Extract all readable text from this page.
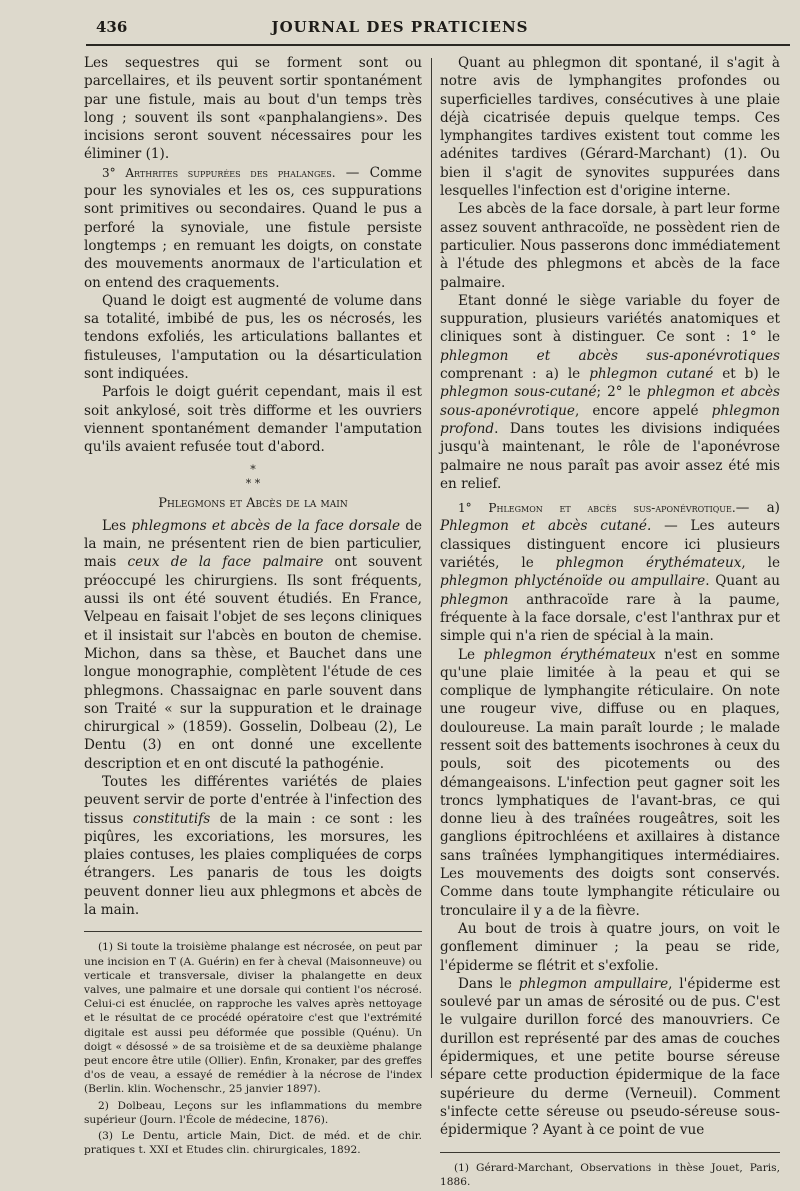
436	JOURNAL DES PRATICIENS

Les sequestres qui se forment sont ou parcellaires, et ils peuvent sortir spontanément par une fistule, mais au bout d'un temps très long ; souvent ils sont «panphalangiens». Des incisions seront souvent nécessaires pour les éliminer (1).

3° Arthrites suppurées des phalanges. — Comme pour les synoviales et les os, ces suppurations sont primitives ou secondaires. Quand le pus a perforé la synoviale, une fistule persiste longtemps ; en remuant les doigts, on constate des mouvements anormaux de l'articulation et on entend des craquements.

Quand le doigt est augmenté de volume dans sa totalité, imbibé de pus, les os nécrosés, les tendons exfoliés, les articulations ballantes et fistuleuses, l'amputation ou la désarticulation sont indiquées.

Parfois le doigt guérit cependant, mais il est soit ankylosé, soit très difforme et les ouvriers viennent spontanément demander l'amputation qu'ils avaient refusée tout d'abord.

*
* *
Phlegmons et Abcès de la main

Les phlegmons et abcès de la face dorsale de la main, ne présentent rien de bien particulier, mais ceux de la face palmaire ont souvent préoccupé les chirurgiens. Ils sont fréquents, aussi ils ont été souvent étudiés. En France, Velpeau en faisait l'objet de ses leçons cliniques et il insistait sur l'abcès en bouton de chemise. Michon, dans sa thèse, et Bauchet dans une longue monographie, complètent l'étude de ces phlegmons. Chassaignac en parle souvent dans son Traité « sur la suppuration et le drainage chirurgical » (1859). Gosselin, Dolbeau (2), Le Dentu (3) en ont donné une excellente description et en ont discuté la pathogénie.

Toutes les différentes variétés de plaies peuvent servir de porte d'entrée à l'infection des tissus constitutifs de la main : ce sont : les piqûres, les excoriations, les morsures, les plaies contuses, les plaies compliquées de corps étrangers. Les panaris de tous les doigts peuvent donner lieu aux phlegmons et abcès de la main.

(1) Si toute la troisième phalange est nécrosée, on peut par une incision en T (A. Guérin) en fer à cheval (Maisonneuve) ou verticale et transversale, diviser la phalangette en deux valves, une palmaire et une dorsale qui contient l'os nécrosé. Celui-ci est énuclée, on rapproche les valves après nettoyage et le résultat de ce procédé opératoire c'est que l'extrémité digitale est aussi peu déformée que possible (Quénu). Un doigt « désossé » de sa troisième et de sa deuxième phalange peut encore être utile (Ollier). Enfin, Kronaker, par des greffes d'os de veau, a essayé de remédier à la nécrose de l'index (Berlin. klin. Wochenschr., 25 janvier 1897).

2) Dolbeau, Leçons sur les inflammations du membre supérieur (Journ. l'École de médecine, 1876).

(3) Le Dentu, article Main, Dict. de méd. et de chir. pratiques t. XXI et Etudes clin. chirurgicales, 1892.

Quant au phlegmon dit spontané, il s'agit à notre avis de lymphangites profondes ou superficielles tardives, consécutives à une plaie déjà cicatrisée depuis quelque temps. Ces lymphangites tardives existent tout comme les adénites tardives (Gérard-Marchant) (1). Ou bien il s'agit de synovites suppurées dans lesquelles l'infection est d'origine interne.

Les abcès de la face dorsale, à part leur forme assez souvent anthracoïde, ne possèdent rien de particulier. Nous passerons donc immédiatement à l'étude des phlegmons et abcès de la face palmaire.

Etant donné le siège variable du foyer de suppuration, plusieurs variétés anatomiques et cliniques sont à distinguer. Ce sont : 1° le phlegmon et abcès sus-aponévrotiques comprenant : a) le phlegmon cutané et b) le phlegmon sous-cutané; 2° le phlegmon et abcès sous-aponévrotique, encore appelé phlegmon profond. Dans toutes les divisions indiquées jusqu'à maintenant, le rôle de l'aponévrose palmaire ne nous paraît pas avoir assez été mis en relief.

1° Phlegmon et abcès sus-aponévrotique.— a) Phlegmon et abcès cutané. — Les auteurs classiques distinguent encore ici plusieurs variétés, le phlegmon érythémateux, le phlegmon phlycténoïde ou ampullaire. Quant au phlegmon anthracoïde rare à la paume, fréquente à la face dorsale, c'est l'anthrax pur et simple qui n'a rien de spécial à la main.

Le phlegmon érythémateux n'est en somme qu'une plaie limitée à la peau et qui se complique de lymphangite réticulaire. On note une rougeur vive, diffuse ou en plaques, douloureuse. La main paraît lourde ; le malade ressent soit des battements isochrones à ceux du pouls, soit des picotements ou des démangeaisons. L'infection peut gagner soit les troncs lymphatiques de l'avant-bras, ce qui donne lieu à des traînées rougeâtres, soit les ganglions épitrochléens et axillaires à distance sans traînées lymphangitiques intermédiaires. Les mouvements des doigts sont conservés. Comme dans toute lymphangite réticulaire ou tronculaire il y a de la fièvre.

Au bout de trois à quatre jours, on voit le gonflement diminuer ; la peau se ride, l'épiderme se flétrit et s'exfolie.

Dans le phlegmon ampullaire, l'épiderme est soulevé par un amas de sérosité ou de pus. C'est le vulgaire durillon forcé des manouvriers. Ce durillon est représenté par des amas de couches épidermiques, et une petite bourse séreuse sépare cette production épidermique de la face supérieure du derme (Verneuil). Comment s'infecte cette séreuse ou pseudo-séreuse sous-épidermique ? Ayant à ce point de vue

(1) Gérard-Marchant, Observations in thèse Jouet, Paris, 1886.
